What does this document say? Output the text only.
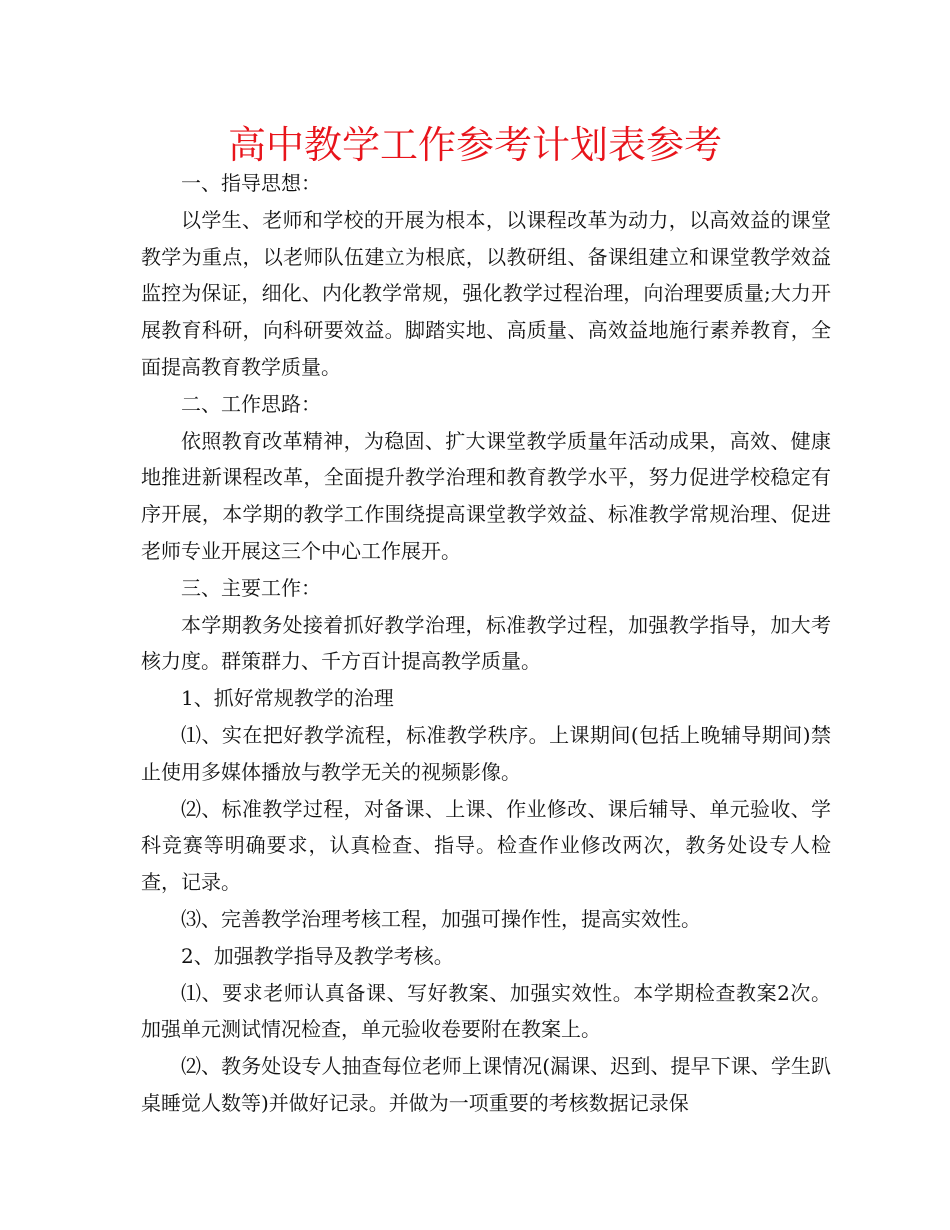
高中教学工作参考计划表参考

一、指导思想：

以学生、老师和学校的开展为根本，以课程改革为动力，以高效益的课堂教学为重点，以老师队伍建立为根底，以教研组、备课组建立和课堂教学效益监控为保证，细化、内化教学常规，强化教学过程治理，向治理要质量;大力开展教育科研，向科研要效益。脚踏实地、高质量、高效益地施行素养教育，全面提高教育教学质量。

二、工作思路：

依照教育改革精神，为稳固、扩大课堂教学质量年活动成果，高效、健康地推进新课程改革，全面提升教学治理和教育教学水平，努力促进学校稳定有序开展，本学期的教学工作围绕提高课堂教学效益、标准教学常规治理、促进老师专业开展这三个中心工作展开。

三、主要工作：

本学期教务处接着抓好教学治理，标准教学过程，加强教学指导，加大考核力度。群策群力、千方百计提高教学质量。

1、抓好常规教学的治理

⑴、实在把好教学流程，标准教学秩序。上课期间(包括上晚辅导期间)禁止使用多媒体播放与教学无关的视频影像。

⑵、标准教学过程，对备课、上课、作业修改、课后辅导、单元验收、学科竞赛等明确要求，认真检查、指导。检查作业修改两次，教务处设专人检查，记录。

⑶、完善教学治理考核工程，加强可操作性，提高实效性。

2、加强教学指导及教学考核。

⑴、要求老师认真备课、写好教案、加强实效性。本学期检查教案2次。加强单元测试情况检查，单元验收卷要附在教案上。

⑵、教务处设专人抽查每位老师上课情况(漏课、迟到、提早下课、学生趴桌睡觉人数等)并做好记录。并做为一项重要的考核数据记录保
